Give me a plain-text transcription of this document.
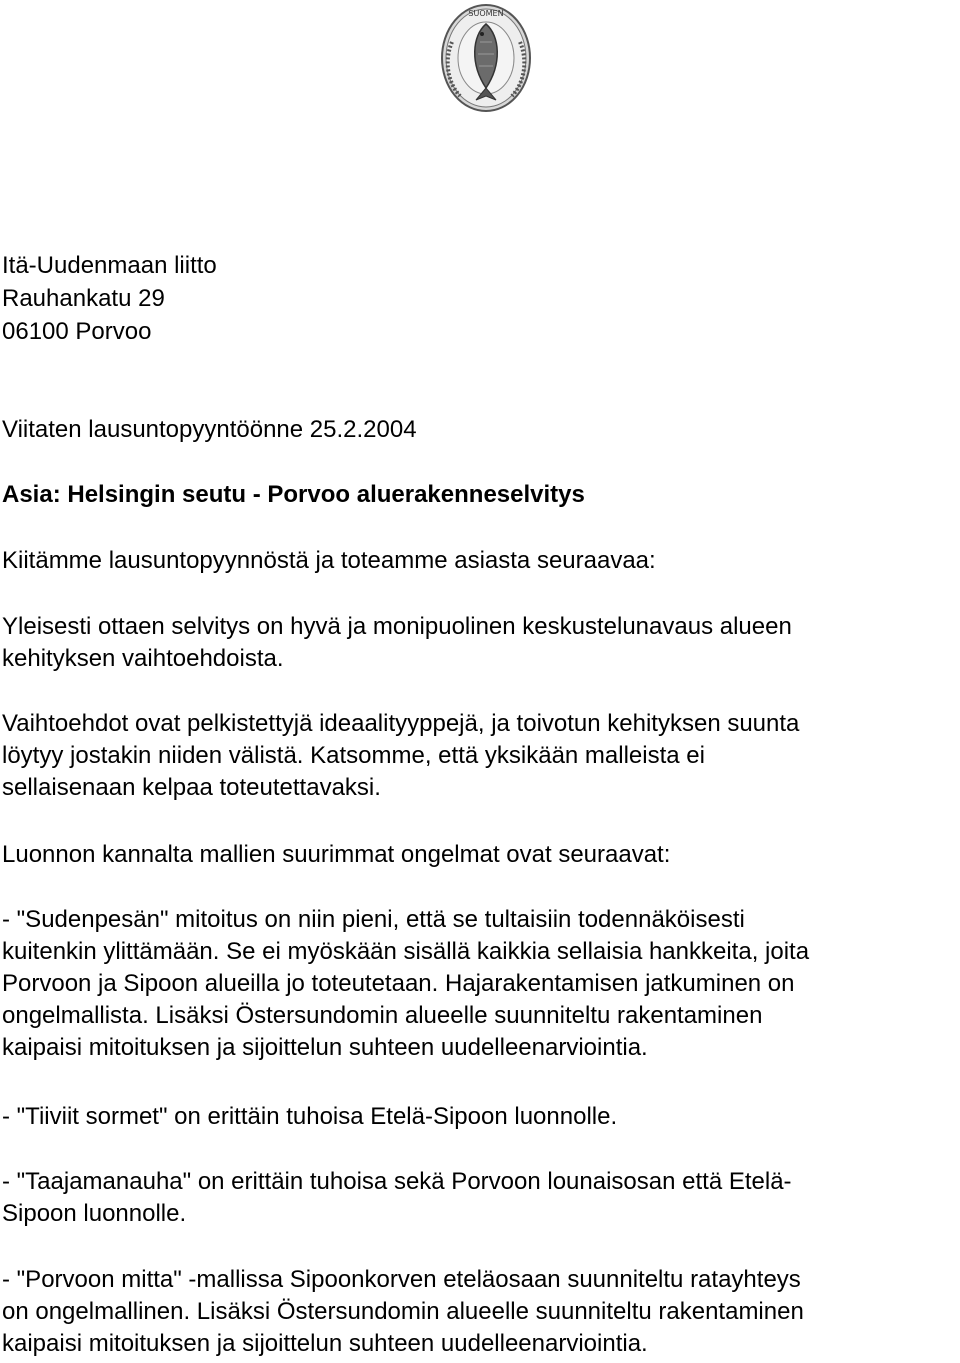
SUOMEN
Itä-Uudenmaan liitto
Rauhankatu 29
06100 Porvoo
Viitaten lausuntopyyntöönne 25.2.2004
Asia: Helsingin seutu - Porvoo aluerakenneselvitys
Kiitämme lausuntopyynnöstä ja toteamme asiasta seuraavaa:
Yleisesti ottaen selvitys on hyvä ja monipuolinen keskustelunavaus alueen
kehityksen vaihtoehdoista.
Vaihtoehdot ovat pelkistettyjä ideaalityyppejä, ja toivotun kehityksen suunta
löytyy jostakin niiden välistä. Katsomme, että yksikään malleista ei
sellaisenaan kelpaa toteutettavaksi.
Luonnon kannalta mallien suurimmat ongelmat ovat seuraavat:
- "Sudenpesän" mitoitus on niin pieni, että se tultaisiin todennäköisesti
kuitenkin ylittämään. Se ei myöskään sisällä kaikkia sellaisia hankkeita, joita
Porvoon ja Sipoon alueilla jo toteutetaan. Hajarakentamisen jatkuminen on
ongelmallista. Lisäksi Östersundomin alueelle suunniteltu rakentaminen
kaipaisi mitoituksen ja sijoittelun suhteen uudelleenarviointia.
- "Tiiviit sormet" on erittäin tuhoisa Etelä-Sipoon luonnolle.
- "Taajamanauha" on erittäin tuhoisa sekä Porvoon lounaisosan että Etelä-
Sipoon luonnolle.
- "Porvoon mitta" -mallissa Sipoonkorven eteläosaan suunniteltu ratayhteys
on ongelmallinen. Lisäksi Östersundomin alueelle suunniteltu rakentaminen
kaipaisi mitoituksen ja sijoittelun suhteen uudelleenarviointia.
